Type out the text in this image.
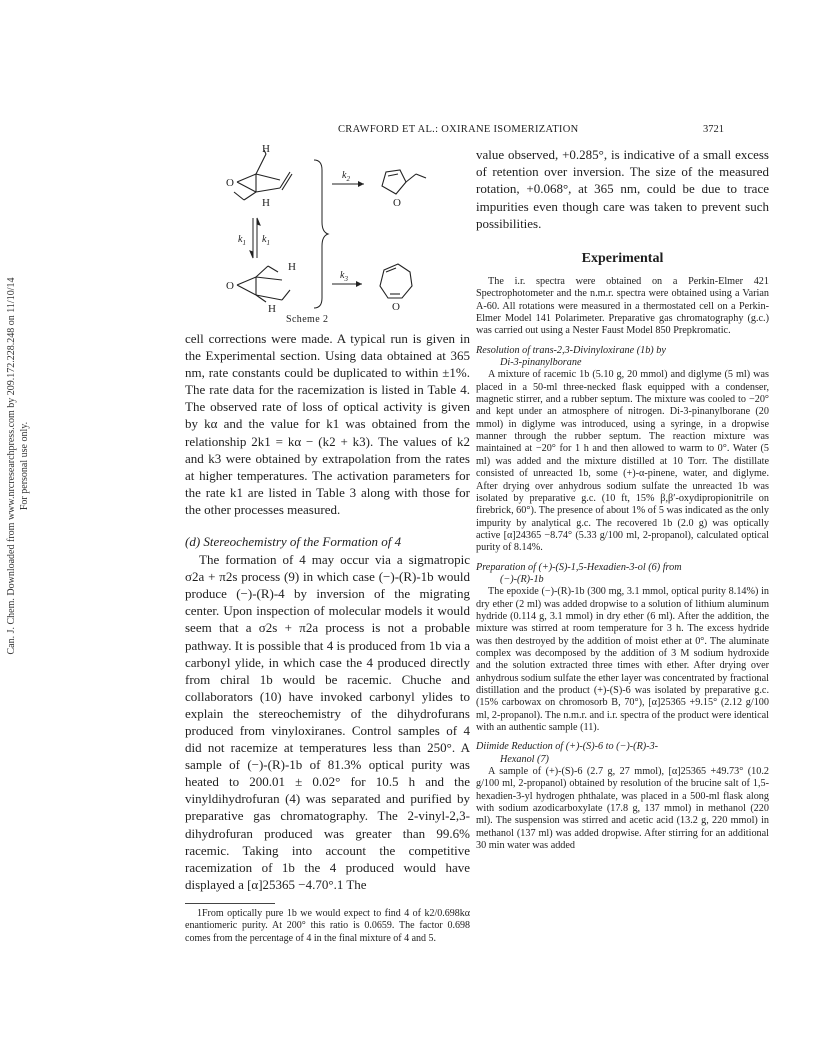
Can. J. Chem. Downloaded from www.nrcresearchpress.com by 209.172.228.248 on 11/10/14 For personal use only.
CRAWFORD ET AL.: OXIRANE ISOMERIZATION	3721
H
O
H
$k_1$ $k_1$
O
H
H
$k_2$
O
$k_3$
O
Scheme 2

cell corrections were made. A typical run is given in the Experimental section. Using data obtained at 365 nm, rate constants could be duplicated to within ±1%. The rate data for the racemization is listed in Table 4. The observed rate of loss of optical activity is given by kα and the value for k1 was obtained from the relationship 2k1 = kα − (k2 + k3). The values of k2 and k3 were obtained by extrapolation from the rates at higher temperatures. The activation parameters for the rate k1 are listed in Table 3 along with those for the other processes measured.

(d) Stereochemistry of the Formation of 4

The formation of 4 may occur via a sigmatropic σ2a + π2s process (9) in which case (−)-(R)-1b would produce (−)-(R)-4 by inversion of the migrating center. Upon inspection of molecular models it would seem that a σ2s + π2a process is not a probable pathway. It is possible that 4 is produced from 1b via a carbonyl ylide, in which case the 4 produced directly from chiral 1b would be racemic. Chuche and collaborators (10) have invoked carbonyl ylides to explain the stereochemistry of the dihydrofurans produced from vinyloxiranes. Control samples of 4 did not racemize at temperatures less than 250°. A sample of (−)-(R)-1b of 81.3% optical purity was heated to 200.01 ± 0.02° for 10.5 h and the vinyldihydrofuran (4) was separated and purified by preparative gas chromatography. The 2-vinyl-2,3-dihydrofuran produced was greater than 99.6% racemic. Taking into account the competitive racemization of 1b the 4 produced would have displayed a [α]25365 −4.70°.1 The

1From optically pure 1b we would expect to find 4 of k2/0.698kα enantiomeric purity. At 200° this ratio is 0.0659. The factor 0.698 comes from the percentage of 4 in the final mixture of 4 and 5.

value observed, +0.285°, is indicative of a small excess of retention over inversion. The size of the measured rotation, +0.068°, at 365 nm, could be due to trace impurities even though care was taken to prevent such possibilities.

Experimental

The i.r. spectra were obtained on a Perkin-Elmer 421 Spectrophotometer and the n.m.r. spectra were obtained using a Varian A-60. All rotations were measured in a thermostated cell on a Perkin-Elmer Model 141 Polarimeter. Preparative gas chromatography (g.c.) was carried out using a Nester Faust Model 850 Prepkromatic.

Resolution of trans-2,3-Divinyloxirane (1b) by
Di-3-pinanylborane

A mixture of racemic 1b (5.10 g, 20 mmol) and diglyme (5 ml) was placed in a 50-ml three-necked flask equipped with a condenser, magnetic stirrer, and a rubber septum. The mixture was cooled to −20° and kept under an atmosphere of nitrogen. Di-3-pinanylborane (20 mmol) in diglyme was introduced, using a syringe, in a dropwise manner through the rubber septum. The reaction mixture was maintained at −20° for 1 h and then allowed to warm to 0°. Water (5 ml) was added and the mixture distilled at 10 Torr. The distillate consisted of unreacted 1b, some (+)-α-pinene, water, and diglyme. After drying over anhydrous sodium sulfate the unreacted 1b was isolated by preparative g.c. (10 ft, 15% β,β′-oxydipropionitrile on firebrick, 60°). The presence of about 1% of 5 was indicated as the only impurity by analytical g.c. The recovered 1b (2.0 g) was optically active [α]24365 −8.74° (5.33 g/100 ml, 2-propanol), calculated optical purity of 8.14%.

Preparation of (+)-(S)-1,5-Hexadien-3-ol (6) from
(−)-(R)-1b

The epoxide (−)-(R)-1b (300 mg, 3.1 mmol, optical purity 8.14%) in dry ether (2 ml) was added dropwise to a solution of lithium aluminum hydride (0.114 g, 3.1 mmol) in dry ether (6 ml). After the addition, the mixture was stirred at room temperature for 3 h. The excess hydride was then destroyed by the addition of moist ether at 0°. The aluminate complex was decomposed by the addition of 3 M sodium hydroxide and the solution extracted three times with ether. After drying over anhydrous sodium sulfate the ether layer was concentrated by fractional distillation and the product (+)-(S)-6 was isolated by preparative g.c. (15% carbowax on chromosorb B, 70°), [α]25365 +9.15° (2.12 g/100 ml, 2-propanol). The n.m.r. and i.r. spectra of the product were identical with an authentic sample (11).

Diimide Reduction of (+)-(S)-6 to (−)-(R)-3-
Hexanol (7)

A sample of (+)-(S)-6 (2.7 g, 27 mmol), [α]25365 +49.73° (10.2 g/100 ml, 2-propanol) obtained by resolution of the brucine salt of 1,5-hexadien-3-yl hydrogen phthalate, was placed in a 500-ml flask along with sodium azodicarboxylate (17.8 g, 137 mmol) in methanol (220 ml). The suspension was stirred and acetic acid (13.2 g, 220 mmol) in methanol (137 ml) was added dropwise. After stirring for an additional 30 min water was added
